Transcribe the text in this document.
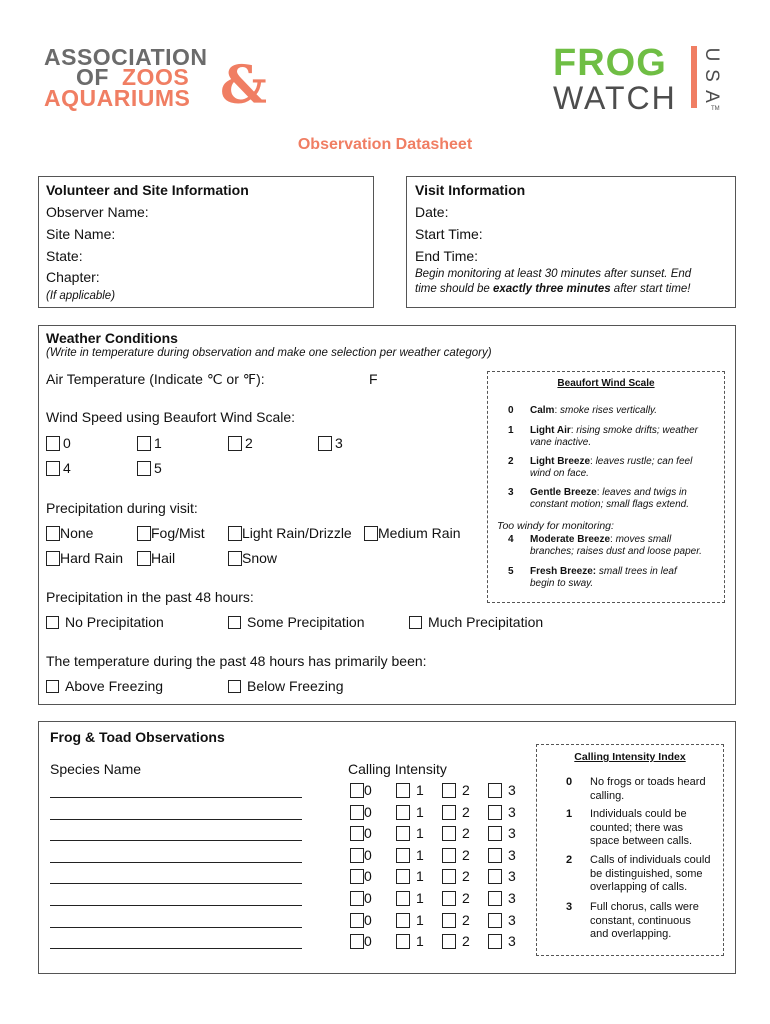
ASSOCIATION
OF ZOOS
AQUARIUMS &	FROG
WATCH
U
S
A
TM
Observation Datasheet
Volunteer and Site Information
Observer Name:
Site Name:
State:
Chapter:
(If applicable)
Visit Information
Date:
Start Time:
End Time:
Begin monitoring at least 30 minutes after sunset. End
time should be exactly three minutes after start time!
Weather Conditions
(Write in temperature during observation and make one selection per weather category)
Air Temperature (Indicate ℃ or ℉):	F
Wind Speed using Beaufort Wind Scale:
0	1	2	3
4	5
Precipitation during visit:
None	Fog/Mist	Light Rain/Drizzle	Medium Rain
Hard Rain	Hail	Snow
Precipitation in the past 48 hours:
No Precipitation	Some Precipitation	Much Precipitation
The temperature during the past 48 hours has primarily been:
Above Freezing	Below Freezing
Beaufort Wind Scale
0 Calm: smoke rises vertically.
1 Light Air: rising smoke drifts; weather
vane inactive.
2 Light Breeze: leaves rustle; can feel
wind on face.
3 Gentle Breeze: leaves and twigs in
constant motion; small flags extend.
Too windy for monitoring:
4 Moderate Breeze: moves small
branches; raises dust and loose paper.
5 Fresh Breeze: small trees in leaf
begin to sway.
Frog & Toad Observations
Species Name	Calling Intensity
0	1	2	3
0	1	2	3
0	1	2	3
0	1	2	3
0	1	2	3
0	1	2	3
0	1	2	3
0	1	2	3
Calling Intensity Index
0 No frogs or toads heard
calling.
1 Individuals could be
counted; there was
space between calls.
2 Calls of individuals could
be distinguished, some
overlapping of calls.
3 Full chorus, calls were
constant, continuous
and overlapping.
